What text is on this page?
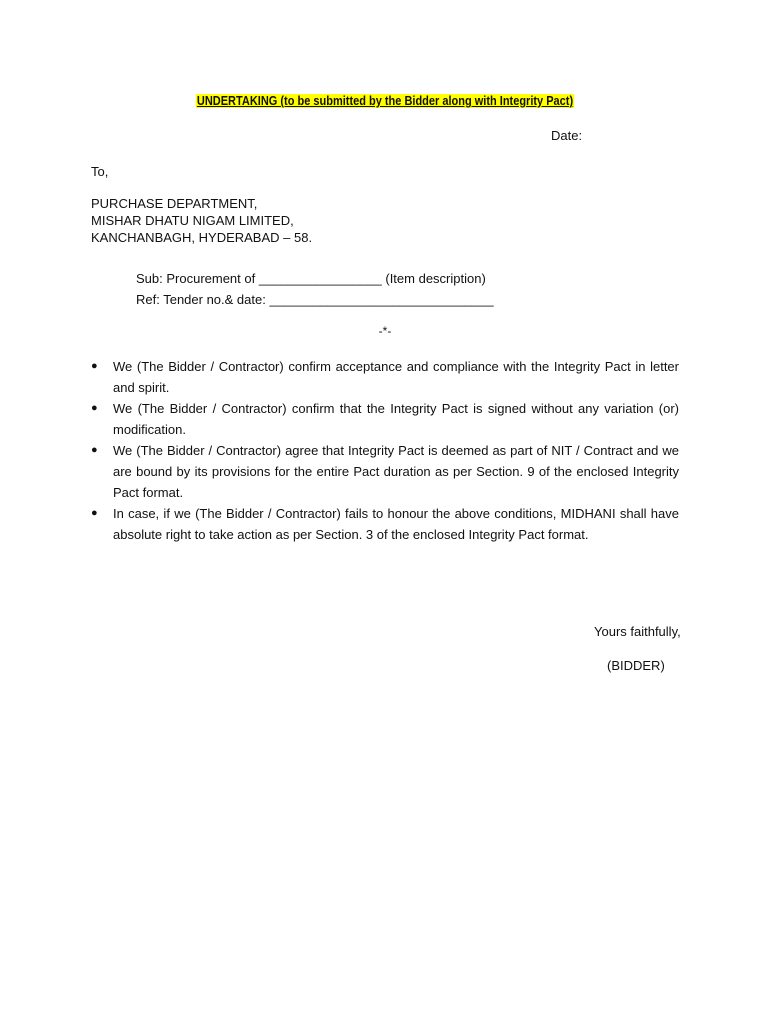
UNDERTAKING (to be submitted by the Bidder along with Integrity Pact)
Date:
To,
PURCHASE DEPARTMENT,
MISHAR DHATU NIGAM LIMITED,
KANCHANBAGH, HYDERABAD – 58.
Sub: Procurement of _________________ (Item description)
Ref: Tender no.& date: _______________________________
-*-
● We (The Bidder / Contractor) confirm acceptance and compliance with the Integrity Pact in letter and spirit.
● We (The Bidder / Contractor) confirm that the Integrity Pact is signed without any variation (or) modification.
● We (The Bidder / Contractor) agree that Integrity Pact is deemed as part of NIT / Contract and we are bound by its provisions for the entire Pact duration as per Section. 9 of the enclosed Integrity Pact format.
● In case, if we (The Bidder / Contractor) fails to honour the above conditions, MIDHANI shall have absolute right to take action as per Section. 3 of the enclosed Integrity Pact format.
Yours faithfully,
(BIDDER)
